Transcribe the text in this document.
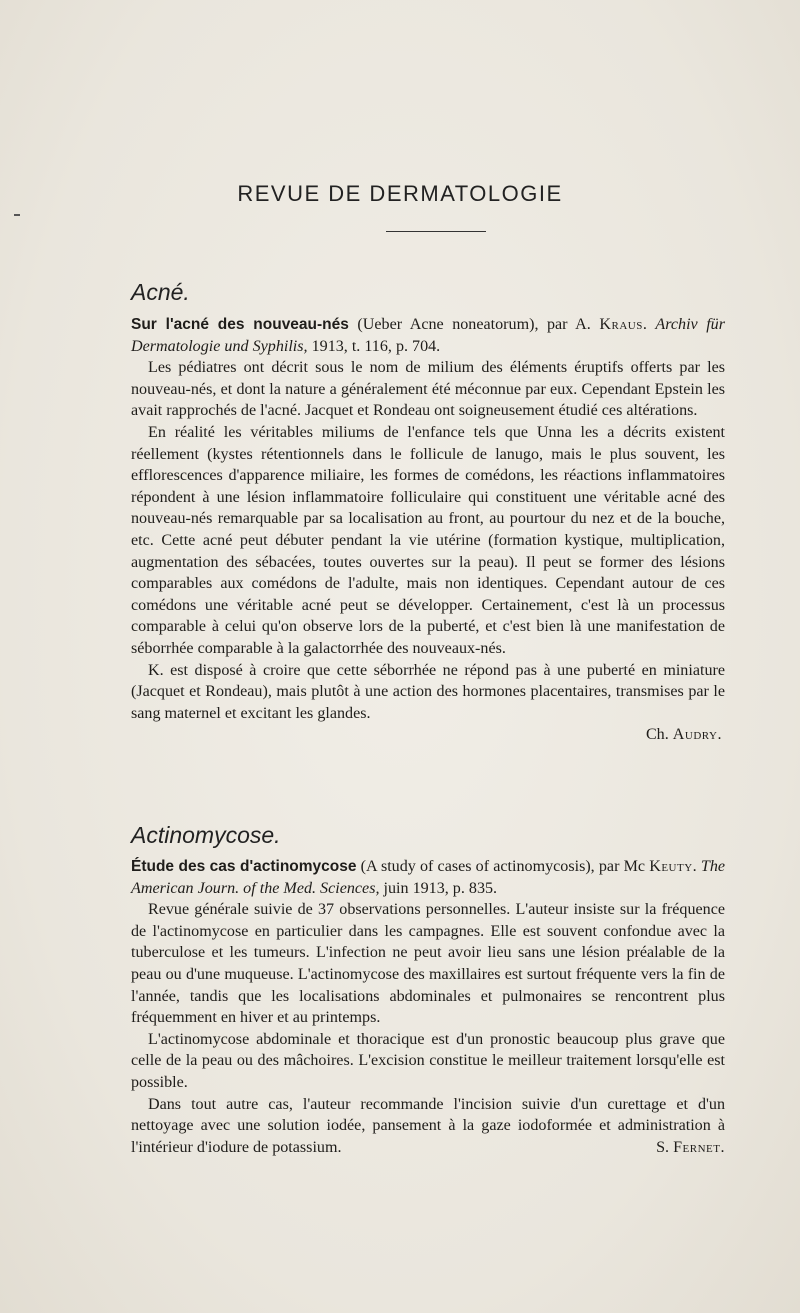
REVUE DE DERMATOLOGIE
Acné.

Sur l'acné des nouveau-nés (Ueber Acne noneatorum), par A. Kraus. Archiv für Dermatologie und Syphilis, 1913, t. 116, p. 704.

Les pédiatres ont décrit sous le nom de milium des éléments éruptifs offerts par les nouveau-nés, et dont la nature a généralement été méconnue par eux. Cependant Epstein les avait rapprochés de l'acné. Jacquet et Rondeau ont soigneusement étudié ces altérations.

En réalité les véritables miliums de l'enfance tels que Unna les a décrits existent réellement (kystes rétentionnels dans le follicule de lanugo, mais le plus souvent, les efflorescences d'apparence miliaire, les formes de comédons, les réactions inflammatoires répondent à une lésion inflammatoire folliculaire qui constituent une véritable acné des nouveau-nés remarquable par sa localisation au front, au pourtour du nez et de la bouche, etc. Cette acné peut débuter pendant la vie utérine (formation kystique, multiplication, augmentation des sébacées, toutes ouvertes sur la peau). Il peut se former des lésions comparables aux comédons de l'adulte, mais non identiques. Cependant autour de ces comédons une véritable acné peut se développer. Certainement, c'est là un processus comparable à celui qu'on observe lors de la puberté, et c'est bien là une manifestation de séborrhée comparable à la galactorrhée des nouveaux-nés.

K. est disposé à croire que cette séborrhée ne répond pas à une puberté en miniature (Jacquet et Rondeau), mais plutôt à une action des hormones placentaires, transmises par le sang maternel et excitant les glandes.

Ch. Audry.
Actinomycose.

Étude des cas d'actinomycose (A study of cases of actinomycosis), par Mc Keuty. The American Journ. of the Med. Sciences, juin 1913, p. 835.

Revue générale suivie de 37 observations personnelles. L'auteur insiste sur la fréquence de l'actinomycose en particulier dans les campagnes. Elle est souvent confondue avec la tuberculose et les tumeurs. L'infection ne peut avoir lieu sans une lésion préalable de la peau ou d'une muqueuse. L'actinomycose des maxillaires est surtout fréquente vers la fin de l'année, tandis que les localisations abdominales et pulmonaires se rencontrent plus fréquemment en hiver et au printemps.

L'actinomycose abdominale et thoracique est d'un pronostic beaucoup plus grave que celle de la peau ou des mâchoires. L'excision constitue le meilleur traitement lorsqu'elle est possible.

Dans tout autre cas, l'auteur recommande l'incision suivie d'un curettage et d'un nettoyage avec une solution iodée, pansement à la gaze iodoformée et administration à l'intérieur d'iodure de potassium.	S. Fernet.
